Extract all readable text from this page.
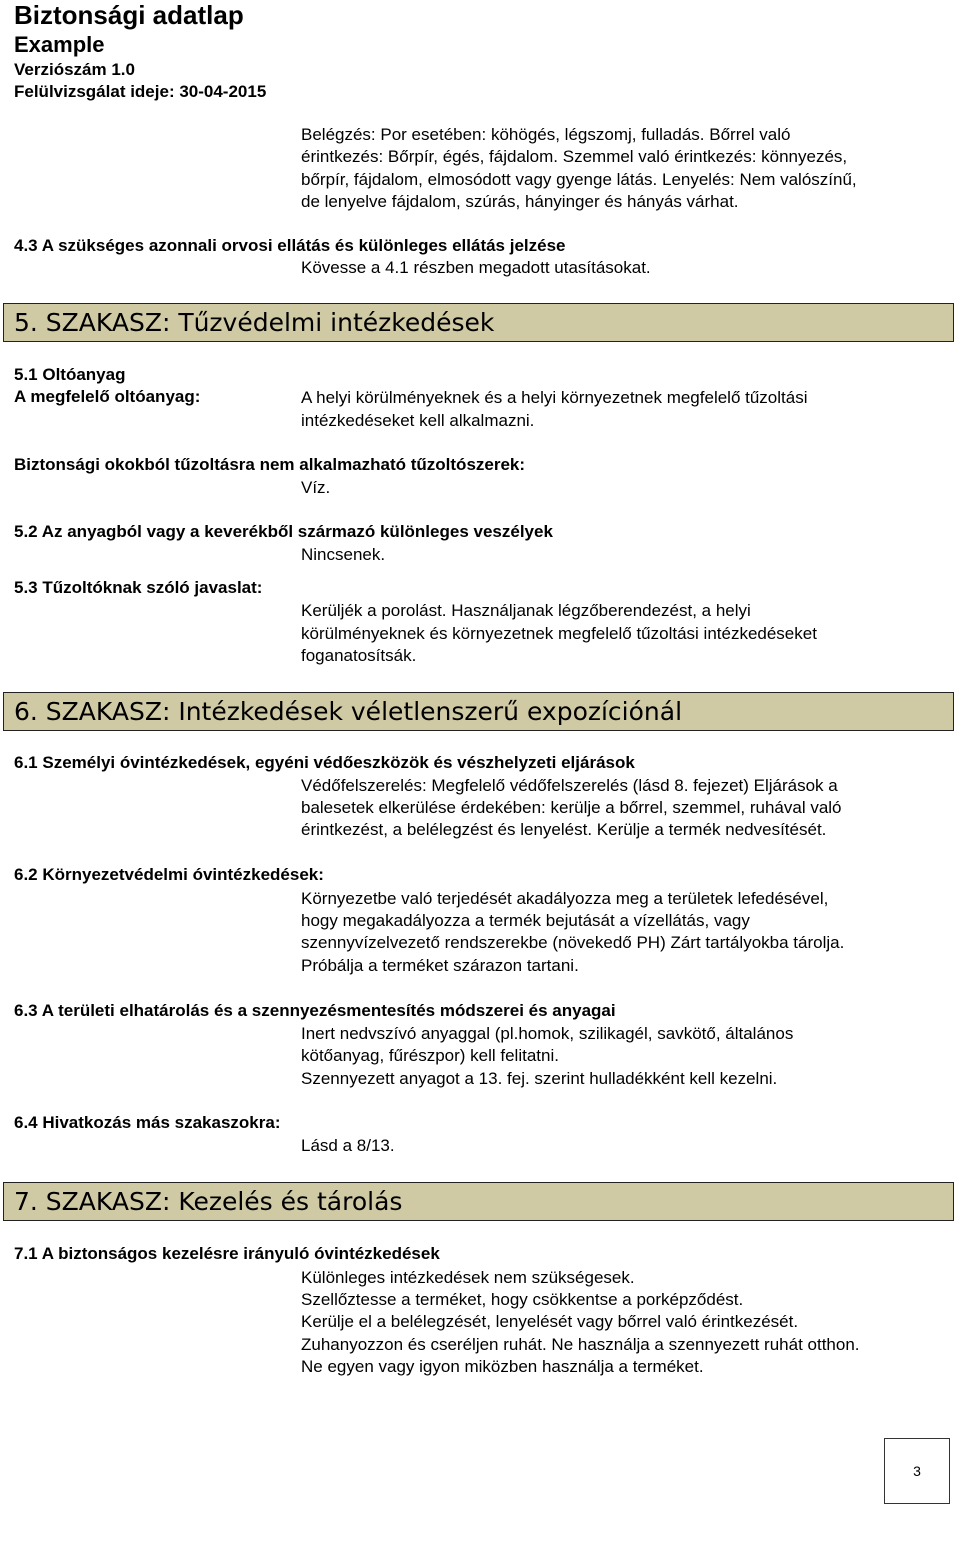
Biztonsági adatlap
Example
Verziószám 1.0
Felülvizsgálat ideje: 30-04-2015
Belégzés: Por esetében: köhögés, légszomj, fulladás. Bőrrel való
érintkezés: Bőrpír, égés, fájdalom. Szemmel való érintkezés: könnyezés,
bőrpír, fájdalom, elmosódott vagy gyenge látás. Lenyelés: Nem valószínű,
de lenyelve fájdalom, szúrás, hányinger és hányás várhat.
4.3 A szükséges azonnali orvosi ellátás és különleges ellátás jelzése
Kövesse a 4.1 részben megadott utasításokat.
5. SZAKASZ: Tűzvédelmi intézkedések
5.1 Oltóanyag
A megfelelő oltóanyag:	A helyi körülményeknek és a helyi környezetnek megfelelő tűzoltási
intézkedéseket kell alkalmazni.
Biztonsági okokból tűzoltásra nem alkalmazható tűzoltószerek:
Víz.
5.2 Az anyagból vagy a keverékből származó különleges veszélyek
Nincsenek.
5.3 Tűzoltóknak szóló javaslat:
Kerüljék a porolást. Használjanak légzőberendezést, a helyi
körülményeknek és környezetnek megfelelő tűzoltási intézkedéseket
foganatosítsák.
6. SZAKASZ: Intézkedések véletlenszerű expozíciónál
6.1 Személyi óvintézkedések, egyéni védőeszközök és vészhelyzeti eljárások
Védőfelszerelés: Megfelelő védőfelszerelés (lásd 8. fejezet) Eljárások a
balesetek elkerülése érdekében: kerülje a bőrrel, szemmel, ruhával való
érintkezést, a belélegzést és lenyelést. Kerülje a termék nedvesítését.
6.2 Környezetvédelmi óvintézkedések:
Környezetbe való terjedését akadályozza meg a területek lefedésével,
hogy megakadályozza a termék bejutását a vízellátás, vagy
szennyvízelvezető rendszerekbe (növekedő PH) Zárt tartályokba tárolja.
Próbálja a terméket szárazon tartani.
6.3 A területi elhatárolás és a szennyezésmentesítés módszerei és anyagai
Inert nedvszívó anyaggal (pl.homok, szilikagél, savkötő, általános
kötőanyag, fűrészpor) kell felitatni.
Szennyezett anyagot a 13. fej. szerint hulladékként kell kezelni.
6.4 Hivatkozás más szakaszokra:
Lásd a 8/13.
7. SZAKASZ: Kezelés és tárolás
7.1 A biztonságos kezelésre irányuló óvintézkedések
Különleges intézkedések nem szükségesek.
Szellőztesse a terméket, hogy csökkentse a porképződést.
Kerülje el a belélegzését, lenyelését vagy bőrrel való érintkezését.
Zuhanyozzon és cseréljen ruhát. Ne használja a szennyezett ruhát otthon.
Ne egyen vagy igyon miközben használja a terméket.
3
